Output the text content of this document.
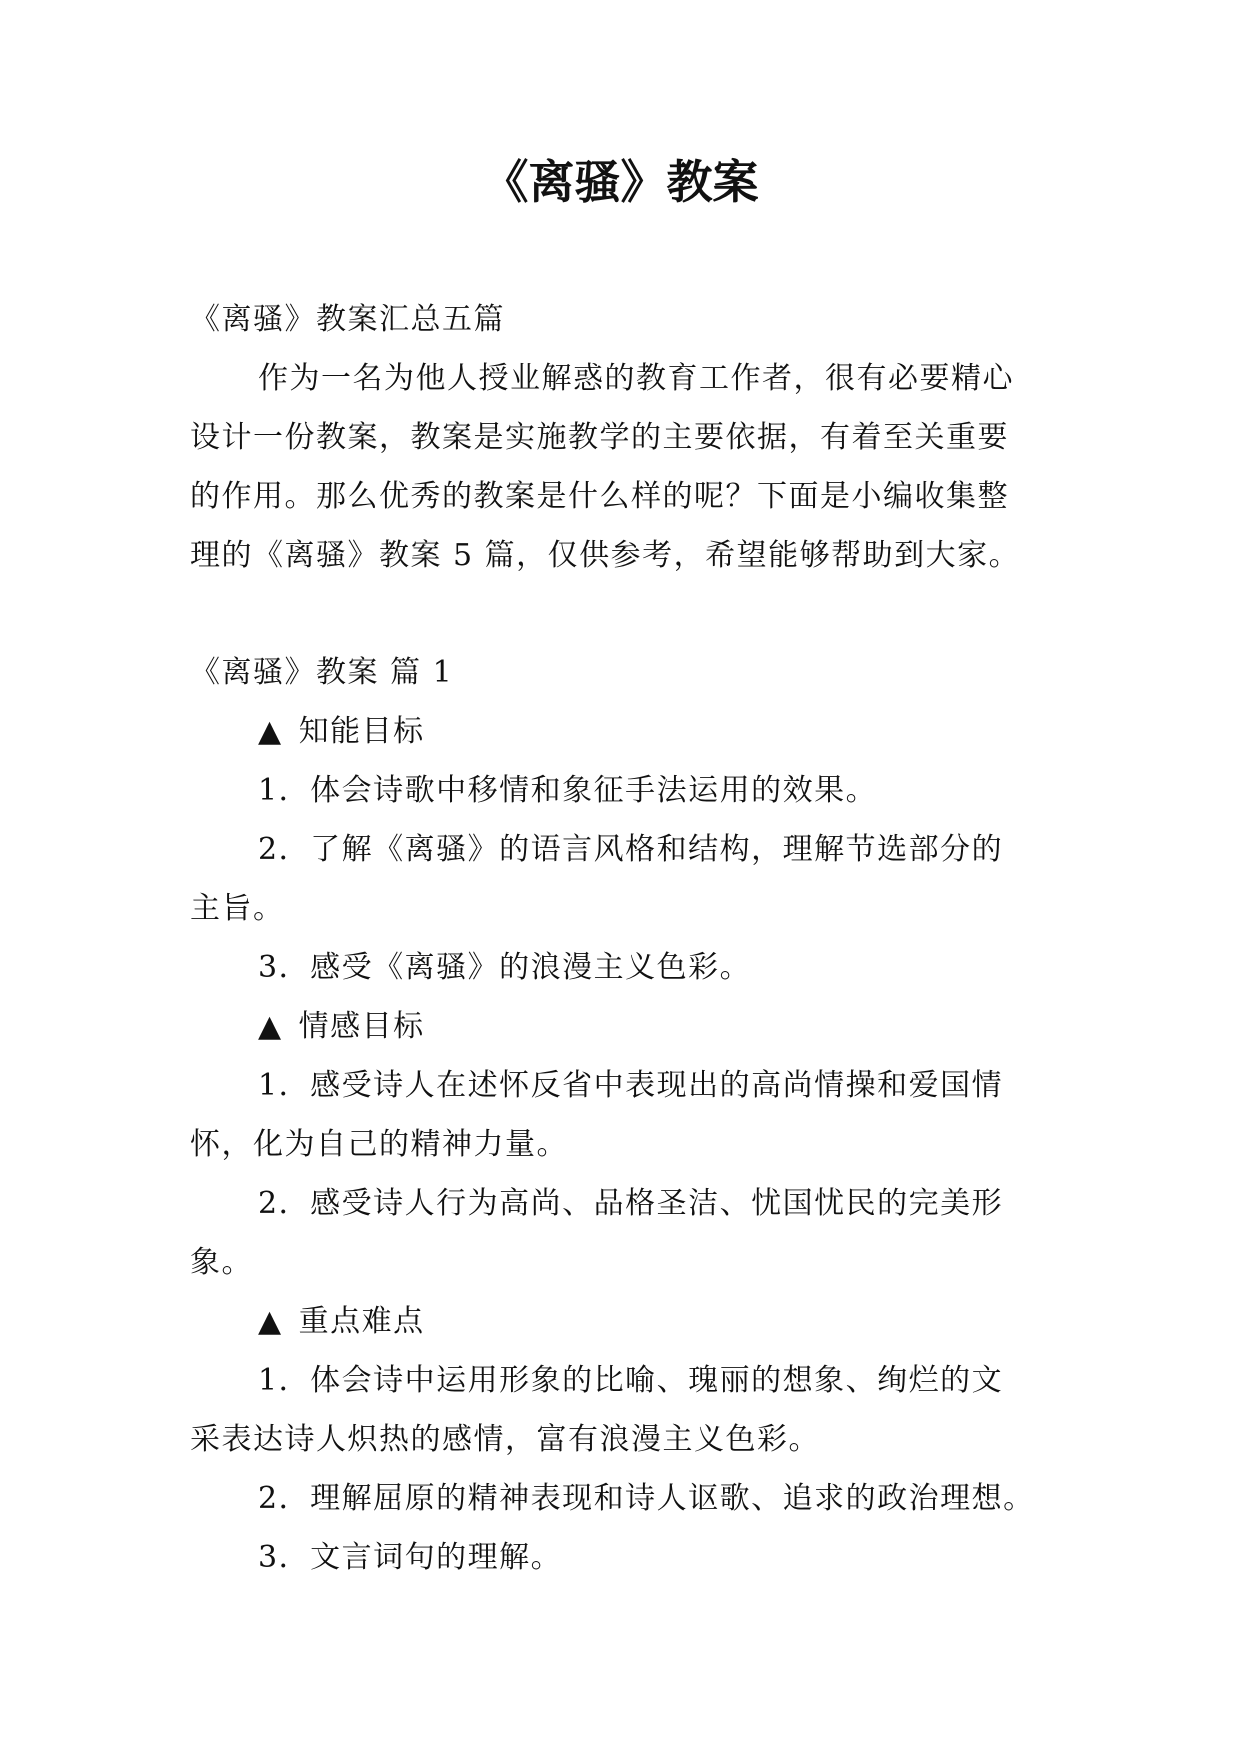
《离骚》教案
《离骚》教案汇总五篇
作为一名为他人授业解惑的教育工作者，很有必要精心
设计一份教案，教案是实施教学的主要依据，有着至关重要
的作用。那么优秀的教案是什么样的呢？下面是小编收集整
理的《离骚》教案 5 篇，仅供参考，希望能够帮助到大家。
《离骚》教案 篇 1
▲ 知能目标
1．体会诗歌中移情和象征手法运用的效果。
2．了解《离骚》的语言风格和结构，理解节选部分的
主旨。
3．感受《离骚》的浪漫主义色彩。
▲ 情感目标
1．感受诗人在述怀反省中表现出的高尚情操和爱国情
怀，化为自己的精神力量。
2．感受诗人行为高尚、品格圣洁、忧国忧民的完美形
象。
▲ 重点难点
1．体会诗中运用形象的比喻、瑰丽的想象、绚烂的文
采表达诗人炽热的感情，富有浪漫主义色彩。
2．理解屈原的精神表现和诗人讴歌、追求的政治理想。
3．文言词句的理解。
